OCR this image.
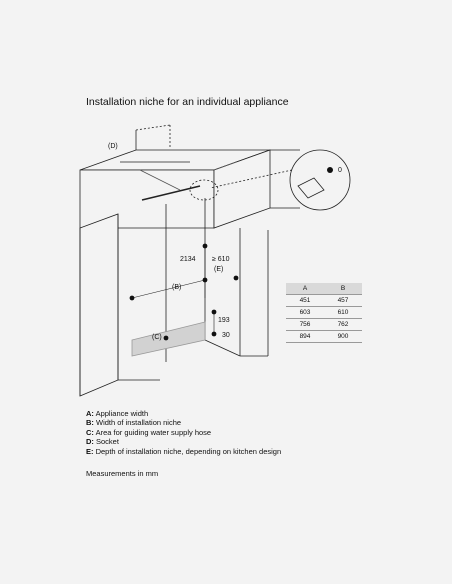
Installation niche for an individual appliance
(D)
(B)
(C)
(E)
2134 ≥ 610
193
30
0
A	B
451	457
603	610
756	762
894	900
A: Appliance width
B: Width of installation niche
C: Area for guiding water supply hose
D: Socket
E: Depth of installation niche, depending on kitchen design
Measurements in mm
